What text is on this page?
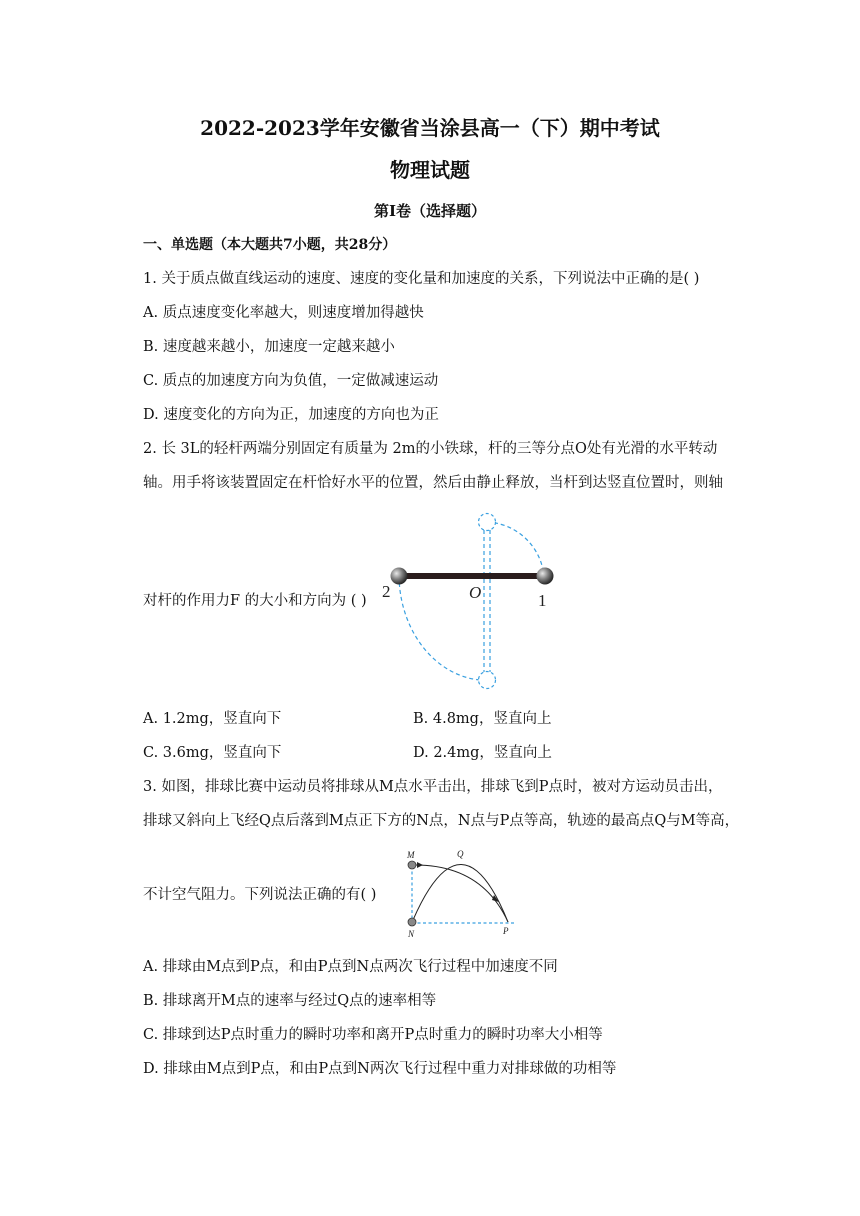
2022-2023学年安徽省当涂县高一（下）期中考试
物理试题
第I卷（选择题）
一、单选题（本大题共7小题，共28分）
1. 关于质点做直线运动的速度、速度的变化量和加速度的关系，下列说法中正确的是( )
A. 质点速度变化率越大，则速度增加得越快
B. 速度越来越小，加速度一定越来越小
C. 质点的加速度方向为负值，一定做减速运动
D. 速度变化的方向为正，加速度的方向也为正
2. 长 3L的轻杆两端分别固定有质量为 2m的小铁球，杆的三等分点O处有光滑的水平转动
轴。用手将该装置固定在杆恰好水平的位置，然后由静止释放，当杆到达竖直位置时，则轴
对杆的作用力F 的大小和方向为 ( ) 2	1
O
A. 1.2mg，竖直向下	B. 4.8mg，竖直向上
C. 3.6mg，竖直向下	D. 2.4mg，竖直向上
3. 如图，排球比赛中运动员将排球从M点水平击出，排球飞到P点时，被对方运动员击出，
排球又斜向上飞经Q点后落到M点正下方的N点，N点与P点等高，轨迹的最高点Q与M等高，
不计空气阻力。下列说法正确的有( )
M	Q
N	P
A. 排球由M点到P点，和由P点到N点两次飞行过程中加速度不同
B. 排球离开M点的速率与经过Q点的速率相等
C. 排球到达P点时重力的瞬时功率和离开P点时重力的瞬时功率大小相等
D. 排球由M点到P点，和由P点到N两次飞行过程中重力对排球做的功相等
